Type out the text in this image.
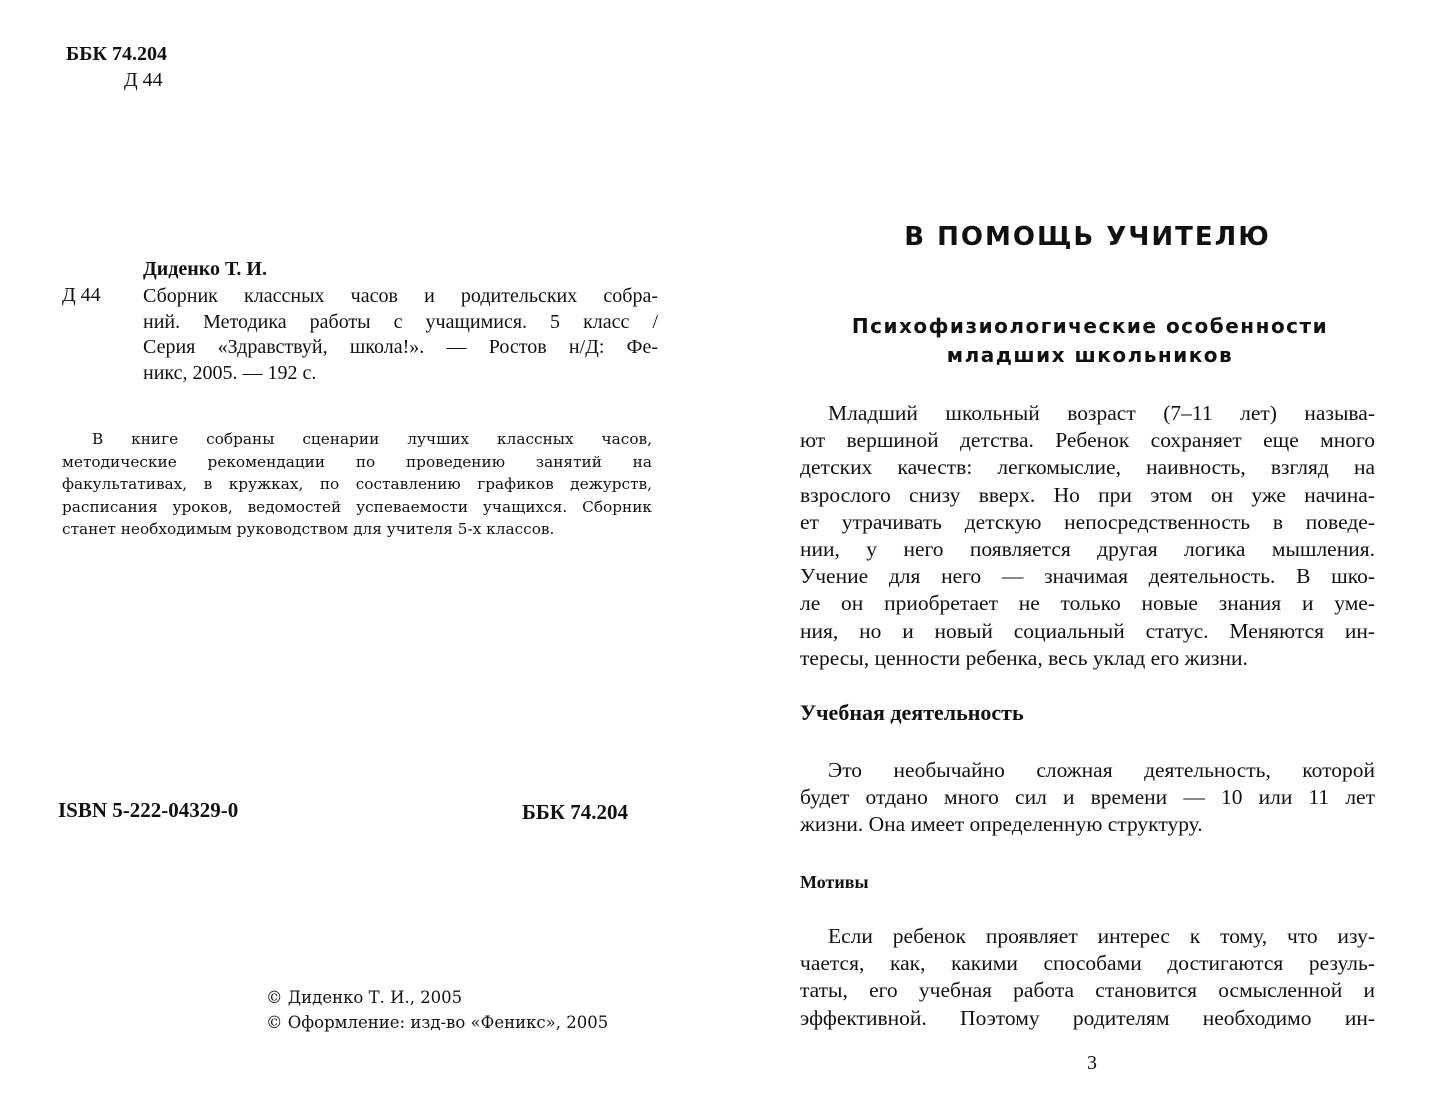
ББК 74.204
Д 44
Диденко Т. И.
Д 44 Сборник классных часов и родительских собра-
ний. Методика работы с учащимися. 5 класс /
Серия «Здравствуй, школа!». — Ростов н/Д: Фе-
никс, 2005. — 192 с.
В книге собраны сценарии лучших классных часов,
методические рекомендации по проведению занятий на
факультативах, в кружках, по составлению графиков дежурств,
расписания уроков, ведомостей успеваемости учащихся. Сборник
станет необходимым руководством для учителя 5-х классов.
ISBN 5-222-04329-0	ББК 74.204
© Диденко Т. И., 2005
© Оформление: изд-во «Феникс», 2005
В ПОМОЩЬ УЧИТЕЛЮ
Психофизиологические особенности
младших школьников
Младший школьный возраст (7–11 лет) называ-
ют вершиной детства. Ребенок сохраняет еще много
детских качеств: легкомыслие, наивность, взгляд на
взрослого снизу вверх. Но при этом он уже начина-
ет утрачивать детскую непосредственность в поведе-
нии, у него появляется другая логика мышления.
Учение для него — значимая деятельность. В шко-
ле он приобретает не только новые знания и уме-
ния, но и новый социальный статус. Меняются ин-
тересы, ценности ребенка, весь уклад его жизни.
Учебная деятельность
Это необычайно сложная деятельность, которой
будет отдано много сил и времени — 10 или 11 лет
жизни. Она имеет определенную структуру.
Мотивы
Если ребенок проявляет интерес к тому, что изу-
чается, как, какими способами достигаются резуль-
таты, его учебная работа становится осмысленной и
эффективной. Поэтому родителям необходимо ин-
3
